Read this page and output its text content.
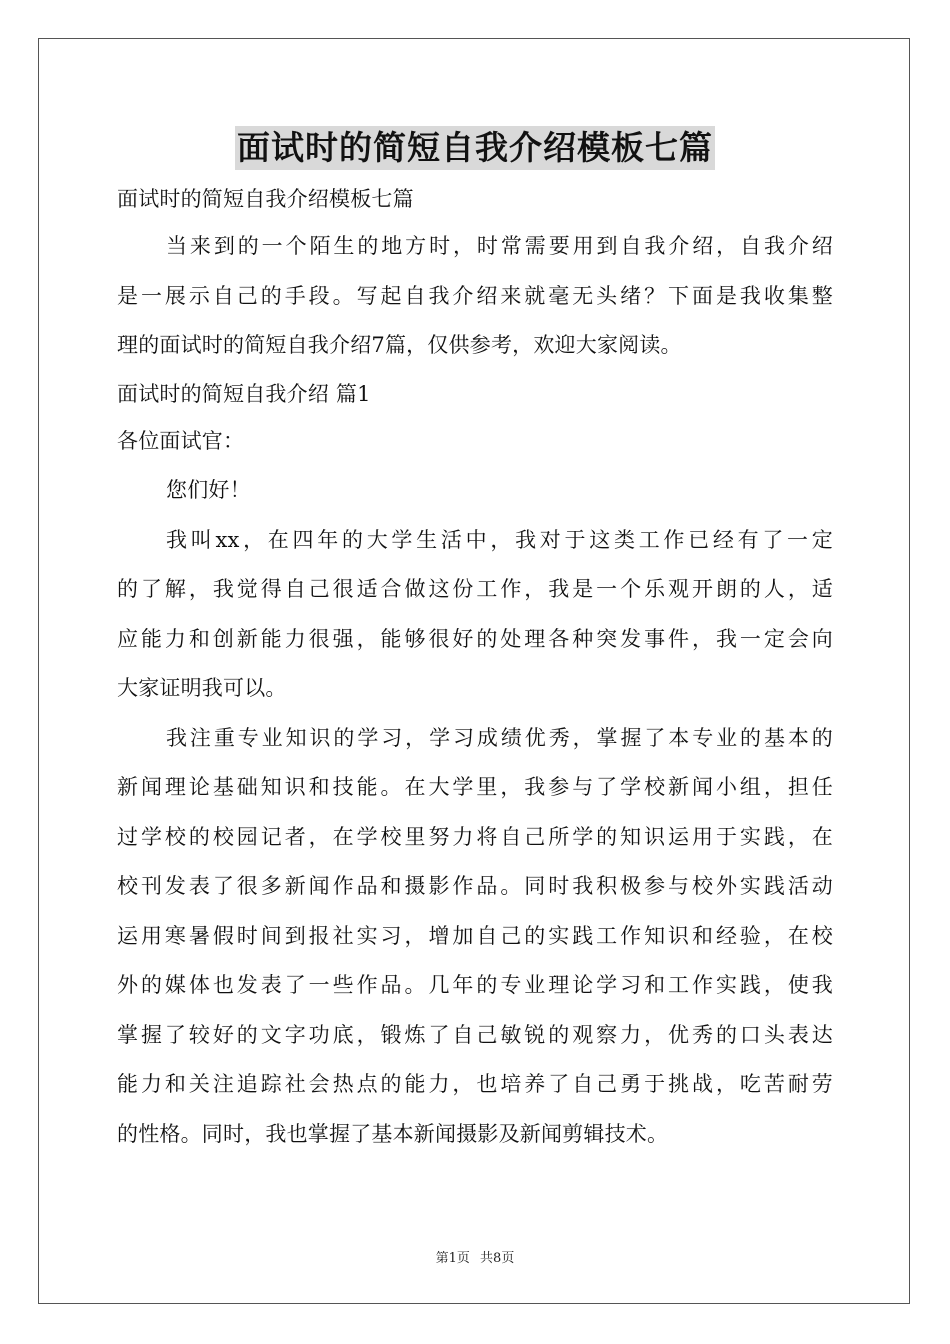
面试时的简短自我介绍模板七篇
面试时的简短自我介绍模板七篇
当来到的一个陌生的地方时，时常需要用到自我介绍，自我介绍
是一展示自己的手段。写起自我介绍来就毫无头绪？下面是我收集整
理的面试时的简短自我介绍7篇，仅供参考，欢迎大家阅读。
面试时的简短自我介绍 篇1
各位面试官：
您们好！
我叫xx，在四年的大学生活中，我对于这类工作已经有了一定
的了解，我觉得自己很适合做这份工作，我是一个乐观开朗的人，适
应能力和创新能力很强，能够很好的处理各种突发事件，我一定会向
大家证明我可以。
我注重专业知识的学习，学习成绩优秀，掌握了本专业的基本的
新闻理论基础知识和技能。在大学里，我参与了学校新闻小组，担任
过学校的校园记者，在学校里努力将自己所学的知识运用于实践，在
校刊发表了很多新闻作品和摄影作品。同时我积极参与校外实践活动
运用寒暑假时间到报社实习，增加自己的实践工作知识和经验，在校
外的媒体也发表了一些作品。几年的专业理论学习和工作实践，使我
掌握了较好的文字功底，锻炼了自己敏锐的观察力，优秀的口头表达
能力和关注追踪社会热点的能力，也培养了自己勇于挑战，吃苦耐劳
的性格。同时，我也掌握了基本新闻摄影及新闻剪辑技术。
第1页 共8页
